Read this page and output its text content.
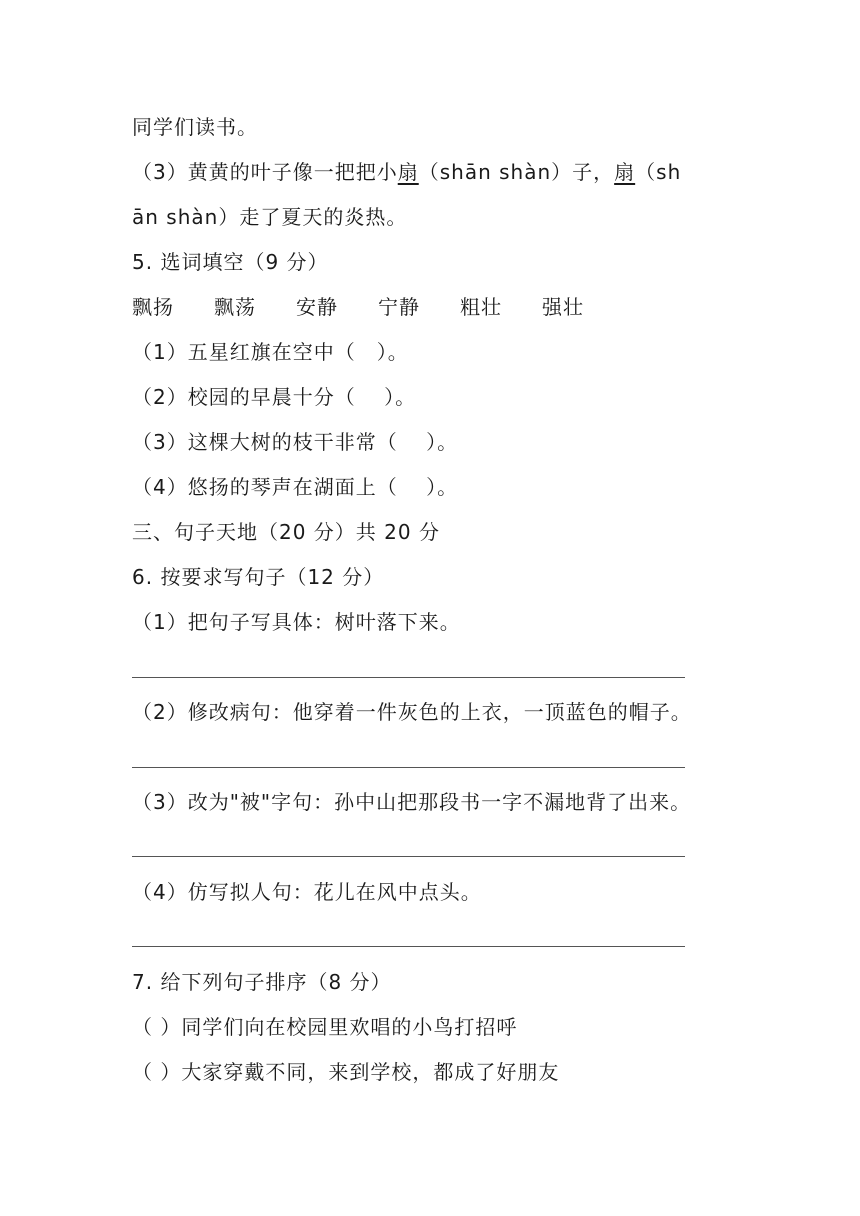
同学们读书。
（3）黄黄的叶子像一把把小扇（shān shàn）子，扇（sh
ān shàn）走了夏天的炎热。
5. 选词填空（9 分）
飘扬	飘荡	安静	宁静	粗壮	强壮
（1）五星红旗在空中（　）。
（2）校园的早晨十分（　 ）。
（3）这棵大树的枝干非常（　 ）。
（4）悠扬的琴声在湖面上（　 ）。
三、句子天地（20 分）共 20 分
6. 按要求写句子（12 分）
（1）把句子写具体：树叶落下来。
（2）修改病句：他穿着一件灰色的上衣，一顶蓝色的帽子。
（3）改为"被"字句：孙中山把那段书一字不漏地背了出来。
（4）仿写拟人句：花儿在风中点头。
7. 给下列句子排序（8 分）
（ ）同学们向在校园里欢唱的小鸟打招呼
（ ）大家穿戴不同，来到学校，都成了好朋友
